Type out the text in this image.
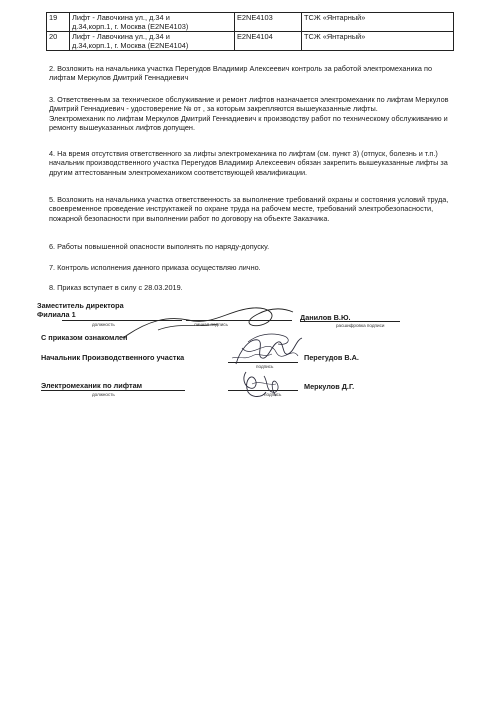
19	Лифт - Лавочкина ул., д.34 и
д.34,корп.1, г. Москва (E2NE4103)	E2NE4103	ТСЖ «Янтарный»
20	Лифт - Лавочкина ул., д.34 и
д.34,корп.1, г. Москва (E2NE4104)	E2NE4104	ТСЖ «Янтарный»

2. Возложить на начальника участка Перегудов Владимир Алексеевич контроль за работой электромеханика по лифтам Меркулов Дмитрий Геннадиевич

3. Ответственным за техническое обслуживание и ремонт лифтов назначается электромеханик по лифтам Меркулов Дмитрий Геннадиевич - удостоверение № от , за которым закрепляются вышеуказанные лифты.

Электромеханик по лифтам Меркулов Дмитрий Геннадиевич к производству работ по техническому обслуживанию и ремонту вышеуказанных лифтов допущен.

4. На время отсутствия ответственного за лифты электромеханика по лифтам (см. пункт 3) (отпуск, болезнь и т.п.) начальник производственного участка Перегудов Владимир Алексеевич обязан закрепить вышеуказанные лифты за другим аттестованным электромехаником соответствующей квалификации.

5. Возложить на начальника участка ответственность за выполнение требований охраны и состояния условий труда, своевременное проведение инструктажей по охране труда на рабочем месте, требований электробезопасности, пожарной безопасности при выполнении работ по договору на объекте Заказчика.

6. Работы повышенной опасности выполнять по наряду-допуску.

7. Контроль исполнения данного приказа осуществляю лично.

8. Приказ вступает в силу с 28.03.2019.

Заместитель директора
Филиала 1	Данилов В.Ю.
должность	личная подпись	расшифровка подписи
С приказом ознакомлен
Начальник Производственного участка	Перегудов В.А.
подпись
Электромеханик по лифтам	Меркулов Д.Г.
должность	подпись
